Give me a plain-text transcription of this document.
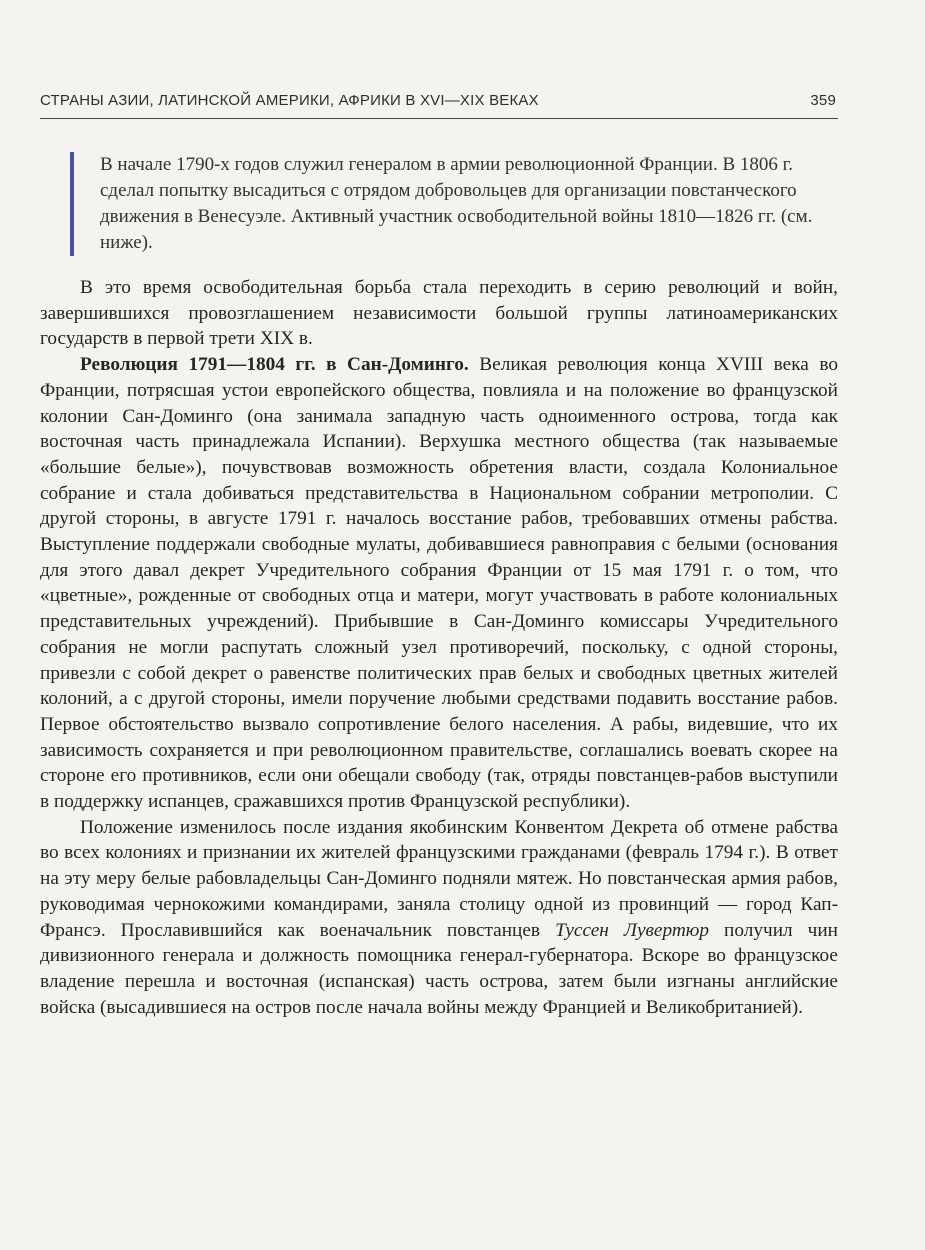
СТРАНЫ АЗИИ, ЛАТИНСКОЙ АМЕРИКИ, АФРИКИ В XVI—XIX ВЕКАХ	359
В начале 1790-х годов служил генералом в армии революционной Франции. В 1806 г. сделал попытку высадиться с отрядом добровольцев для организации повстанческого движения в Венесуэле. Активный участник освободительной войны 1810—1826 гг. (см. ниже).

В это время освободительная борьба стала переходить в серию революций и войн, завершившихся провозглашением независимости большой группы латиноамериканских государств в первой трети XIX в.

Революция 1791—1804 гг. в Сан-Доминго. Великая революция конца XVIII века во Франции, потрясшая устои европейского общества, повлияла и на положение во французской колонии Сан-Доминго (она занимала западную часть одноименного острова, тогда как восточная часть принадлежала Испании). Верхушка местного общества (так называемые «большие белые»), почувствовав возможность обретения власти, создала Колониальное собрание и стала добиваться представительства в Национальном собрании метрополии. С другой стороны, в августе 1791 г. началось восстание рабов, требовавших отмены рабства. Выступление поддержали свободные мулаты, добивавшиеся равноправия с белыми (основания для этого давал декрет Учредительного собрания Франции от 15 мая 1791 г. о том, что «цветные», рожденные от свободных отца и матери, могут участвовать в работе колониальных представительных учреждений). Прибывшие в Сан-Доминго комиссары Учредительного собрания не могли распутать сложный узел противоречий, поскольку, с одной стороны, привезли с собой декрет о равенстве политических прав белых и свободных цветных жителей колоний, а с другой стороны, имели поручение любыми средствами подавить восстание рабов. Первое обстоятельство вызвало сопротивление белого населения. А рабы, видевшие, что их зависимость сохраняется и при революционном правительстве, соглашались воевать скорее на стороне его противников, если они обещали свободу (так, отряды повстанцев-рабов выступили в поддержку испанцев, сражавшихся против Французской республики).

Положение изменилось после издания якобинским Конвентом Декрета об отмене рабства во всех колониях и признании их жителей французскими гражданами (февраль 1794 г.). В ответ на эту меру белые рабовладельцы Сан-Доминго подняли мятеж. Но повстанческая армия рабов, руководимая чернокожими командирами, заняла столицу одной из провинций — город Кап-Франсэ. Прославившийся как военачальник повстанцев Туссен Лувертюр получил чин дивизионного генерала и должность помощника генерал-губернатора. Вскоре во французское владение перешла и восточная (испанская) часть острова, затем были изгнаны английские войска (высадившиеся на остров после начала войны между Францией и Великобританией).
